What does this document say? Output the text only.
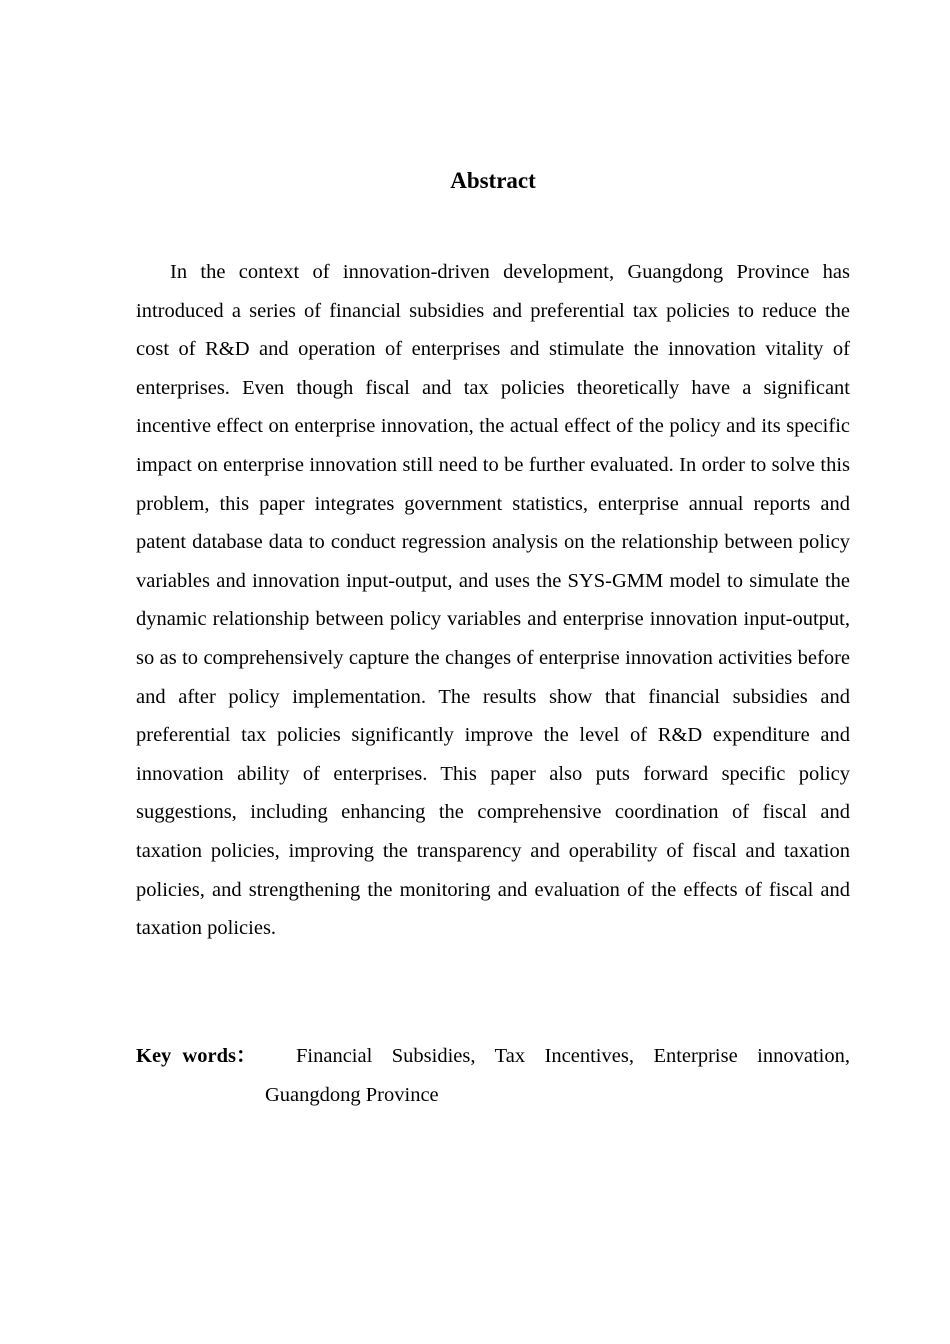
Abstract

In the context of innovation-driven development, Guangdong Province has introduced a series of financial subsidies and preferential tax policies to reduce the cost of R&D and operation of enterprises and stimulate the innovation vitality of enterprises. Even though fiscal and tax policies theoretically have a significant incentive effect on enterprise innovation, the actual effect of the policy and its specific impact on enterprise innovation still need to be further evaluated. In order to solve this problem, this paper integrates government statistics, enterprise annual reports and patent database data to conduct regression analysis on the relationship between policy variables and innovation input-output, and uses the SYS-GMM model to simulate the dynamic relationship between policy variables and enterprise innovation input-output, so as to comprehensively capture the changes of enterprise innovation activities before and after policy implementation. The results show that financial subsidies and preferential tax policies significantly improve the level of R&D expenditure and innovation ability of enterprises. This paper also puts forward specific policy suggestions, including enhancing the comprehensive coordination of fiscal and taxation policies, improving the transparency and operability of fiscal and taxation policies, and strengthening the monitoring and evaluation of the effects of fiscal and taxation policies.

Key words：	Financial Subsidies, Tax Incentives, Enterprise innovation, Guangdong Province
